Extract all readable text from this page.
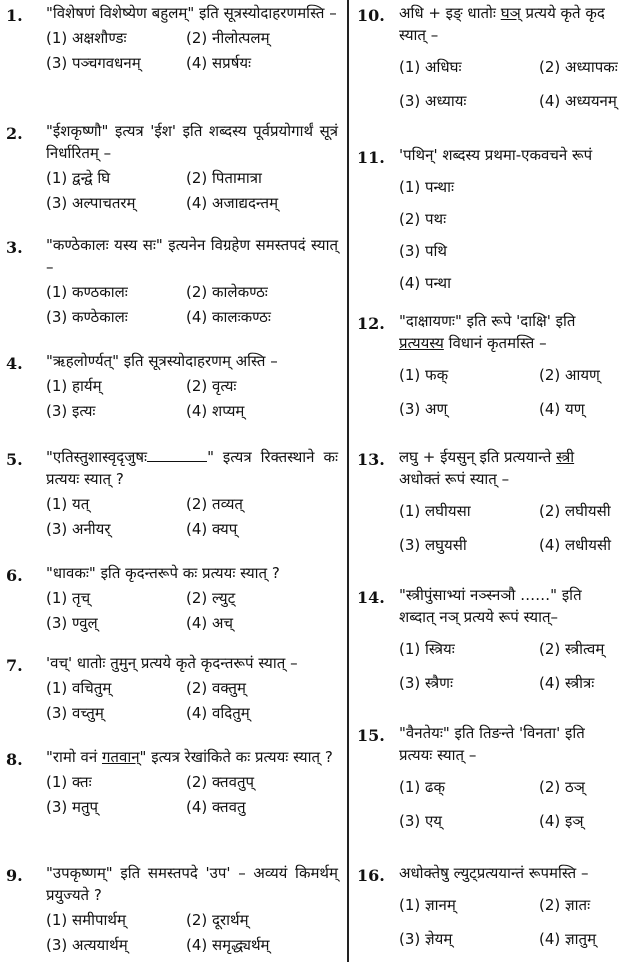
1. "विशेषणं विशेष्येण बहुलम्" इति सूत्रस्योदाहरणमस्ति –
(1) अक्षशौण्डः	(2) नीलोत्पलम्
(3) पञ्चगवधनम्	(4) सप्रर्षयः
2. "ईशकृष्णौ" इत्यत्र 'ईश' इति शब्दस्य पूर्वप्रयोगार्थं सूत्रं निर्धारितम् –
(1) द्वन्द्वे घि	(2) पितामात्रा
(3) अल्पाचतरम्	(4) अजाद्यदन्तम्
3. "कण्ठेकालः यस्य सः" इत्यनेन विग्रहेण समस्तपदं स्यात् –
(1) कण्ठकालः	(2) कालेकण्ठः
(3) कण्ठेकालः	(4) कालःकण्ठः
4. "ऋहलोर्ण्यत्" इति सूत्रस्योदाहरणम् अस्ति –
(1) हार्यम्	(2) वृत्यः
(3) इत्यः	(4) शप्यम्
5. "एतिस्तुशास्वृदृजुषः	" इत्यत्र रिक्तस्थाने कः प्रत्ययः स्यात् ?
(1) यत्	(2) तव्यत्
(3) अनीयर्	(4) क्यप्
6. "धावकः" इति कृदन्तरूपे कः प्रत्ययः स्यात् ?
(1) तृच्	(2) ल्युट्
(3) ण्वुल्	(4) अच्
7. 'वच्' धातोः तुमुन् प्रत्यये कृते कृदन्तरूपं स्यात् –
(1) वचितुम्	(2) वक्तुम्
(3) वच्तुम्	(4) वदितुम्
8. "रामो वनं गतवान्" इत्यत्र रेखांकिते कः प्रत्ययः स्यात् ?
(1) क्तः	(2) क्तवतुप्
(3) मतुप्	(4) क्तवतु
9. "उपकृष्णम्" इति समस्तपदे 'उप' – अव्ययं किमर्थम् प्रयुज्यते ?
(1) समीपार्थम्	(2) दूरार्थम्
(3) अत्ययार्थम्	(4) समृद्ध्यर्थम्
10. अधि + इङ् धातोः घञ् प्रत्यये कृते कृद
स्यात् –
(1) अधिघः	(2) अध्यापकः
(3) अध्यायः	(4) अध्ययनम्
11. 'पथिन्' शब्दस्य प्रथमा-एकवचने रूपं
(1) पन्थाः
(2) पथः
(3) पथि
(4) पन्था
12. "दाक्षायणः" इति रूपे 'दाक्षि' इति
प्रत्ययस्य विधानं कृतमस्ति –
(1) फक्	(2) आयण्
(3) अण्	(4) यण्
13. लघु + ईयसुन् इति प्रत्ययान्ते स्त्री
अधोक्तं रूपं स्यात् –
(1) लघीयसा	(2) लघीयसी
(3) लघुयसी	(4) लधीयसी
14. "स्त्रीपुंसाभ्यां नञ्स्नञौ ……" इति
शब्दात् नञ् प्रत्यये रूपं स्यात्–
(1) स्त्रियः	(2) स्त्रीत्वम्
(3) स्त्रैणः	(4) स्त्रीत्रः
15. "वैनतेयः" इति तिङन्ते 'विनता' इति
प्रत्ययः स्यात् –
(1) ढक्	(2) ठञ्
(3) एय्	(4) इञ्
16. अधोक्तेषु ल्युट्प्रत्ययान्तं रूपमस्ति –
(1) ज्ञानम्	(2) ज्ञातः
(3) ज्ञेयम्	(4) ज्ञातुम्
